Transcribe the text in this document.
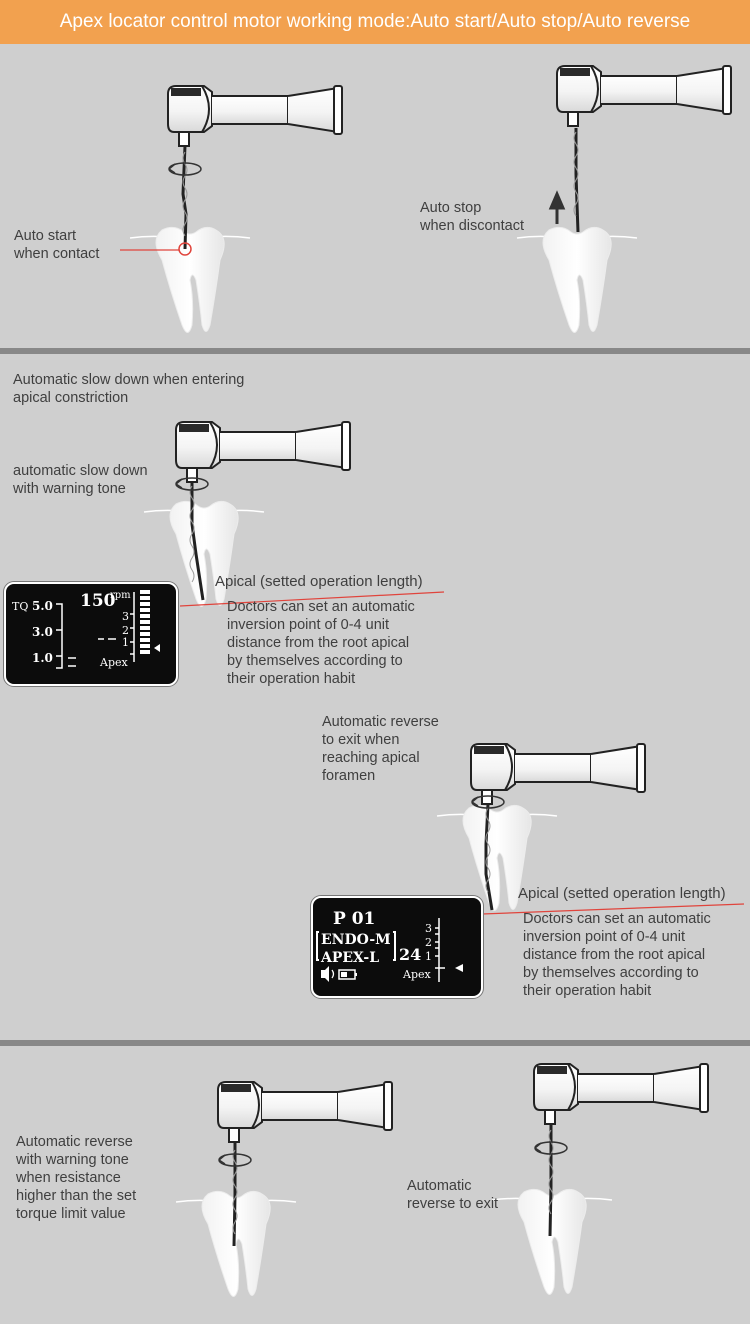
Apex locator control motor working mode:Auto start/Auto stop/Auto reverse
Auto start
when contact
Auto stop
when discontact
Automatic slow down when entering
apical constriction
automatic slow down
with warning tone
Apical (setted operation length)
Doctors can set an automatic
inversion point of 0-4 unit
distance from the root apical
by themselves according to
their operation habit
TQ 5.0
3.0
1.0
150
rpm
3
2
1
Apex
Automatic reverse
to exit when
reaching apical
foramen
Apical (setted operation length)
Doctors can set an automatic
inversion point of 0-4 unit
distance from the root apical
by themselves according to
their operation habit
P 01
ENDO-M
APEX-L 24
3
2
1
Apex
Automatic reverse
with warning tone
when resistance
higher than the set
torque limit value
Automatic
reverse to exit
